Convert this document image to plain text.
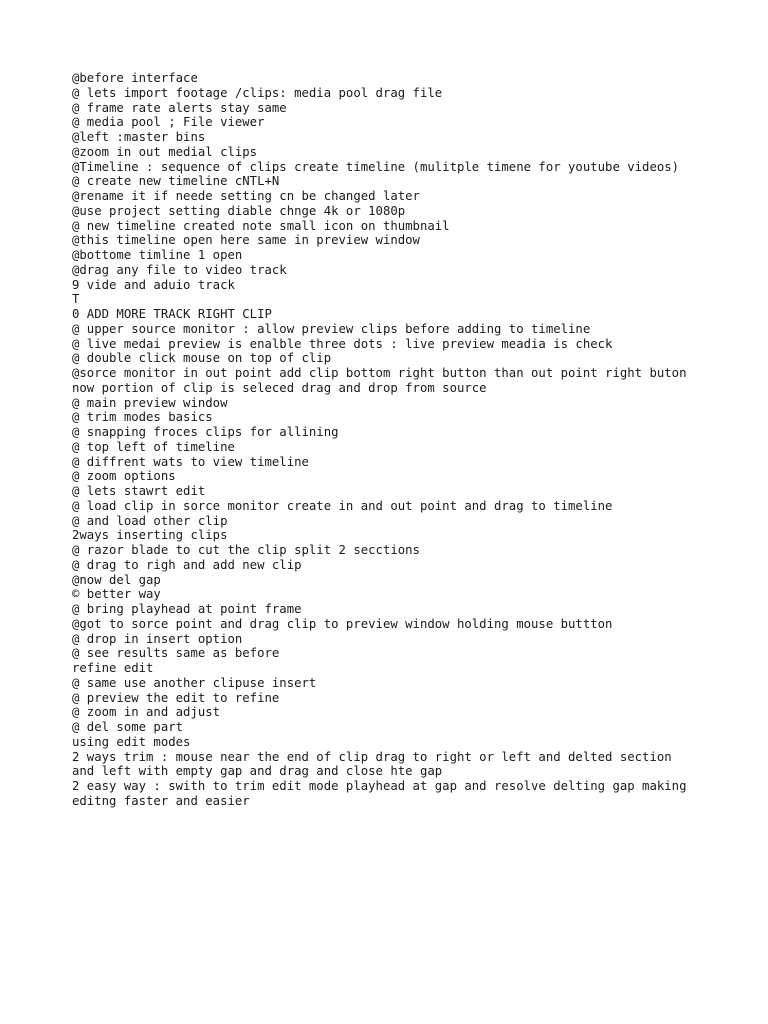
@before interface
@ lets import footage /clips: media pool drag file
@ frame rate alerts stay same
@ media pool ; File viewer
@left :master bins
@zoom in out medial clips
@Timeline : sequence of clips create timeline (mulitple timene for youtube videos)
@ create new timeline cNTL+N
@rename it if neede setting cn be changed later
@use project setting diable chnge 4k or 1080p
@ new timeline created note small icon on thumbnail
@this timeline open here same in preview window
@bottome timline 1 open
@drag any file to video track
9 vide and aduio track
T
0 ADD MORE TRACK RIGHT CLIP
@ upper source monitor : allow preview clips before adding to timeline
@ live medai preview is enalble three dots : live preview meadia is check
@ double click mouse on top of clip
@sorce monitor in out point add clip bottom right button than out point right buton
now portion of clip is seleced drag and drop from source
@ main preview window
@ trim modes basics
@ snapping froces clips for allining
@ top left of timeline
@ diffrent wats to view timeline
@ zoom options
@ lets stawrt edit
@ load clip in sorce monitor create in and out point and drag to timeline
@ and load other clip
2ways inserting clips
@ razor blade to cut the clip split 2 secctions
@ drag to righ and add new clip
@now del gap
© better way
@ bring playhead at point frame
@got to sorce point and drag clip to preview window holding mouse buttton
@ drop in insert option
@ see results same as before
refine edit
@ same use another clipuse insert
@ preview the edit to refine
@ zoom in and adjust
@ del some part
using edit modes
2 ways trim : mouse near the end of clip drag to right or left and delted section
and left with empty gap and drag and close hte gap
2 easy way : swith to trim edit mode playhead at gap and resolve delting gap making
editng faster and easier
